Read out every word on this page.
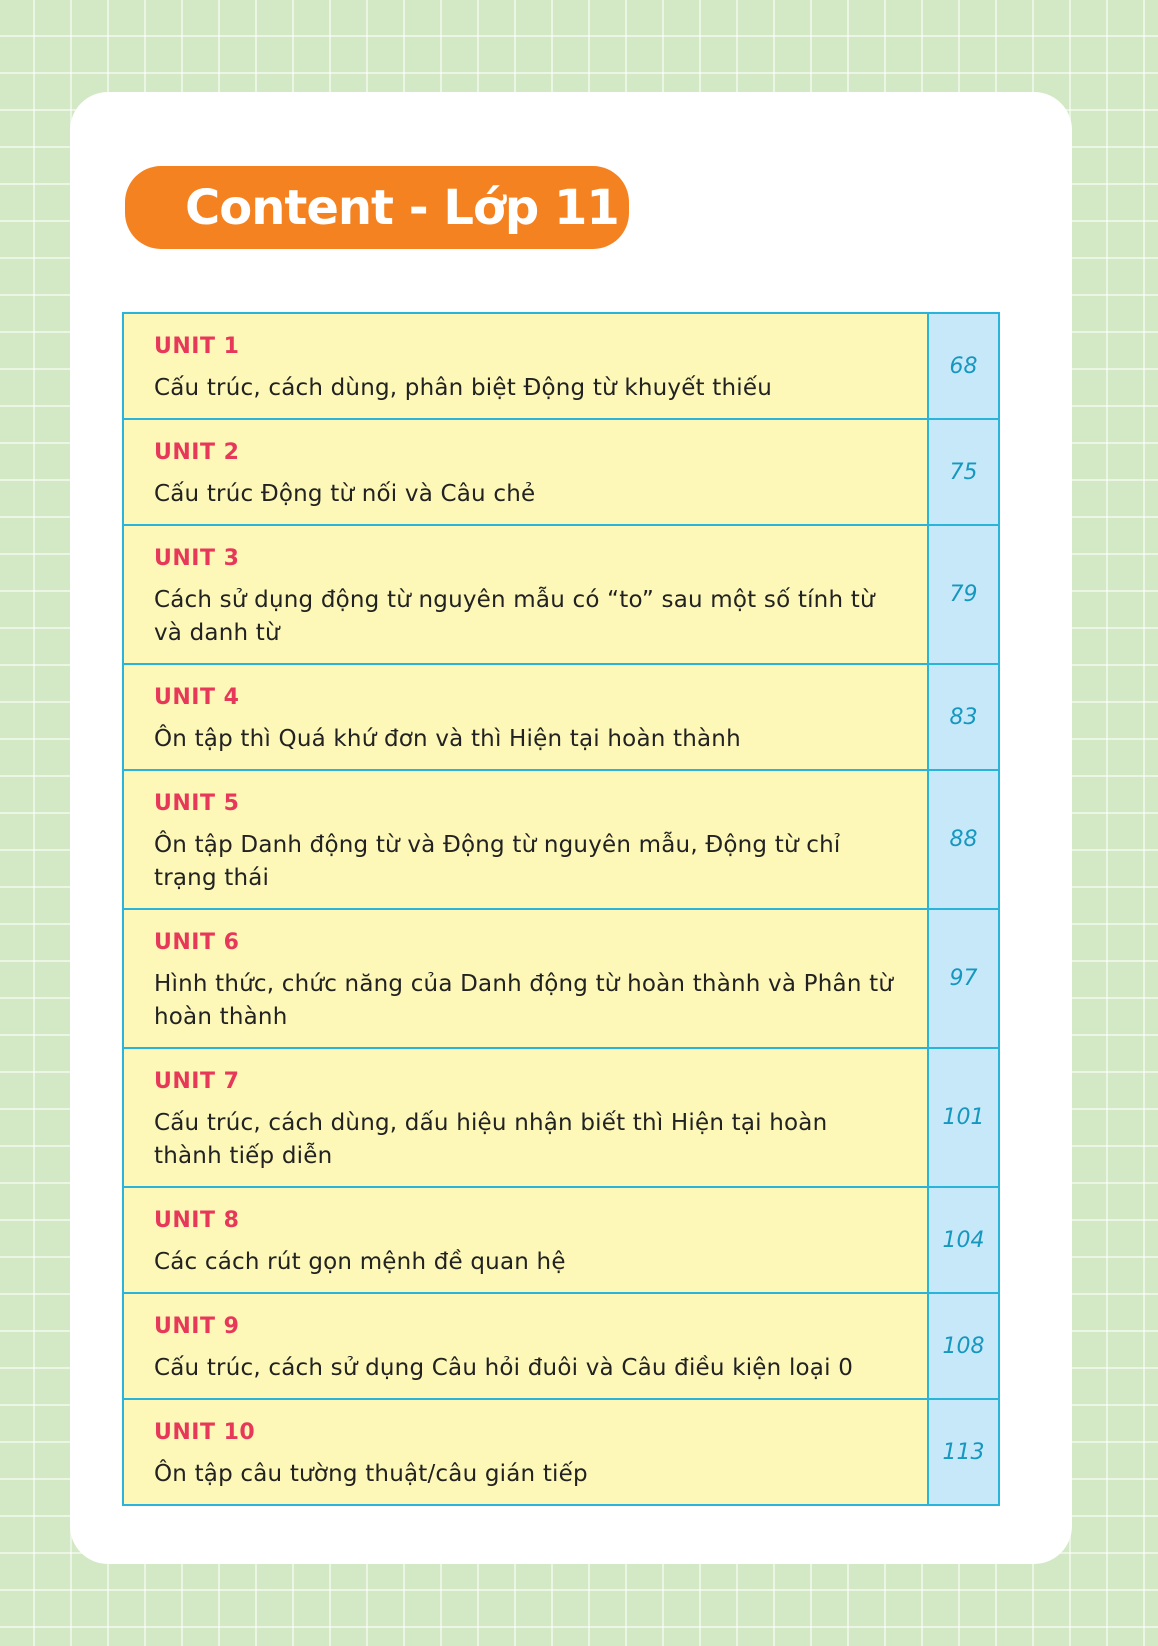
Content - Lớp 11
UNIT 1
Cấu trúc, cách dùng, phân biệt Động từ khuyết thiếu
68
UNIT 2
Cấu trúc Động từ nối và Câu chẻ
75
UNIT 3
Cách sử dụng động từ nguyên mẫu có “to” sau một số tính từ và danh từ
79
UNIT 4
Ôn tập thì Quá khứ đơn và thì Hiện tại hoàn thành
83
UNIT 5
Ôn tập Danh động từ và Động từ nguyên mẫu, Động từ chỉ trạng thái
88
UNIT 6
Hình thức, chức năng của Danh động từ hoàn thành và Phân từ hoàn thành
97
UNIT 7
Cấu trúc, cách dùng, dấu hiệu nhận biết thì Hiện tại hoàn thành tiếp diễn
101
UNIT 8
Các cách rút gọn mệnh đề quan hệ
104
UNIT 9
Cấu trúc, cách sử dụng Câu hỏi đuôi và Câu điều kiện loại 0
108
UNIT 10
Ôn tập câu tường thuật/câu gián tiếp
113
